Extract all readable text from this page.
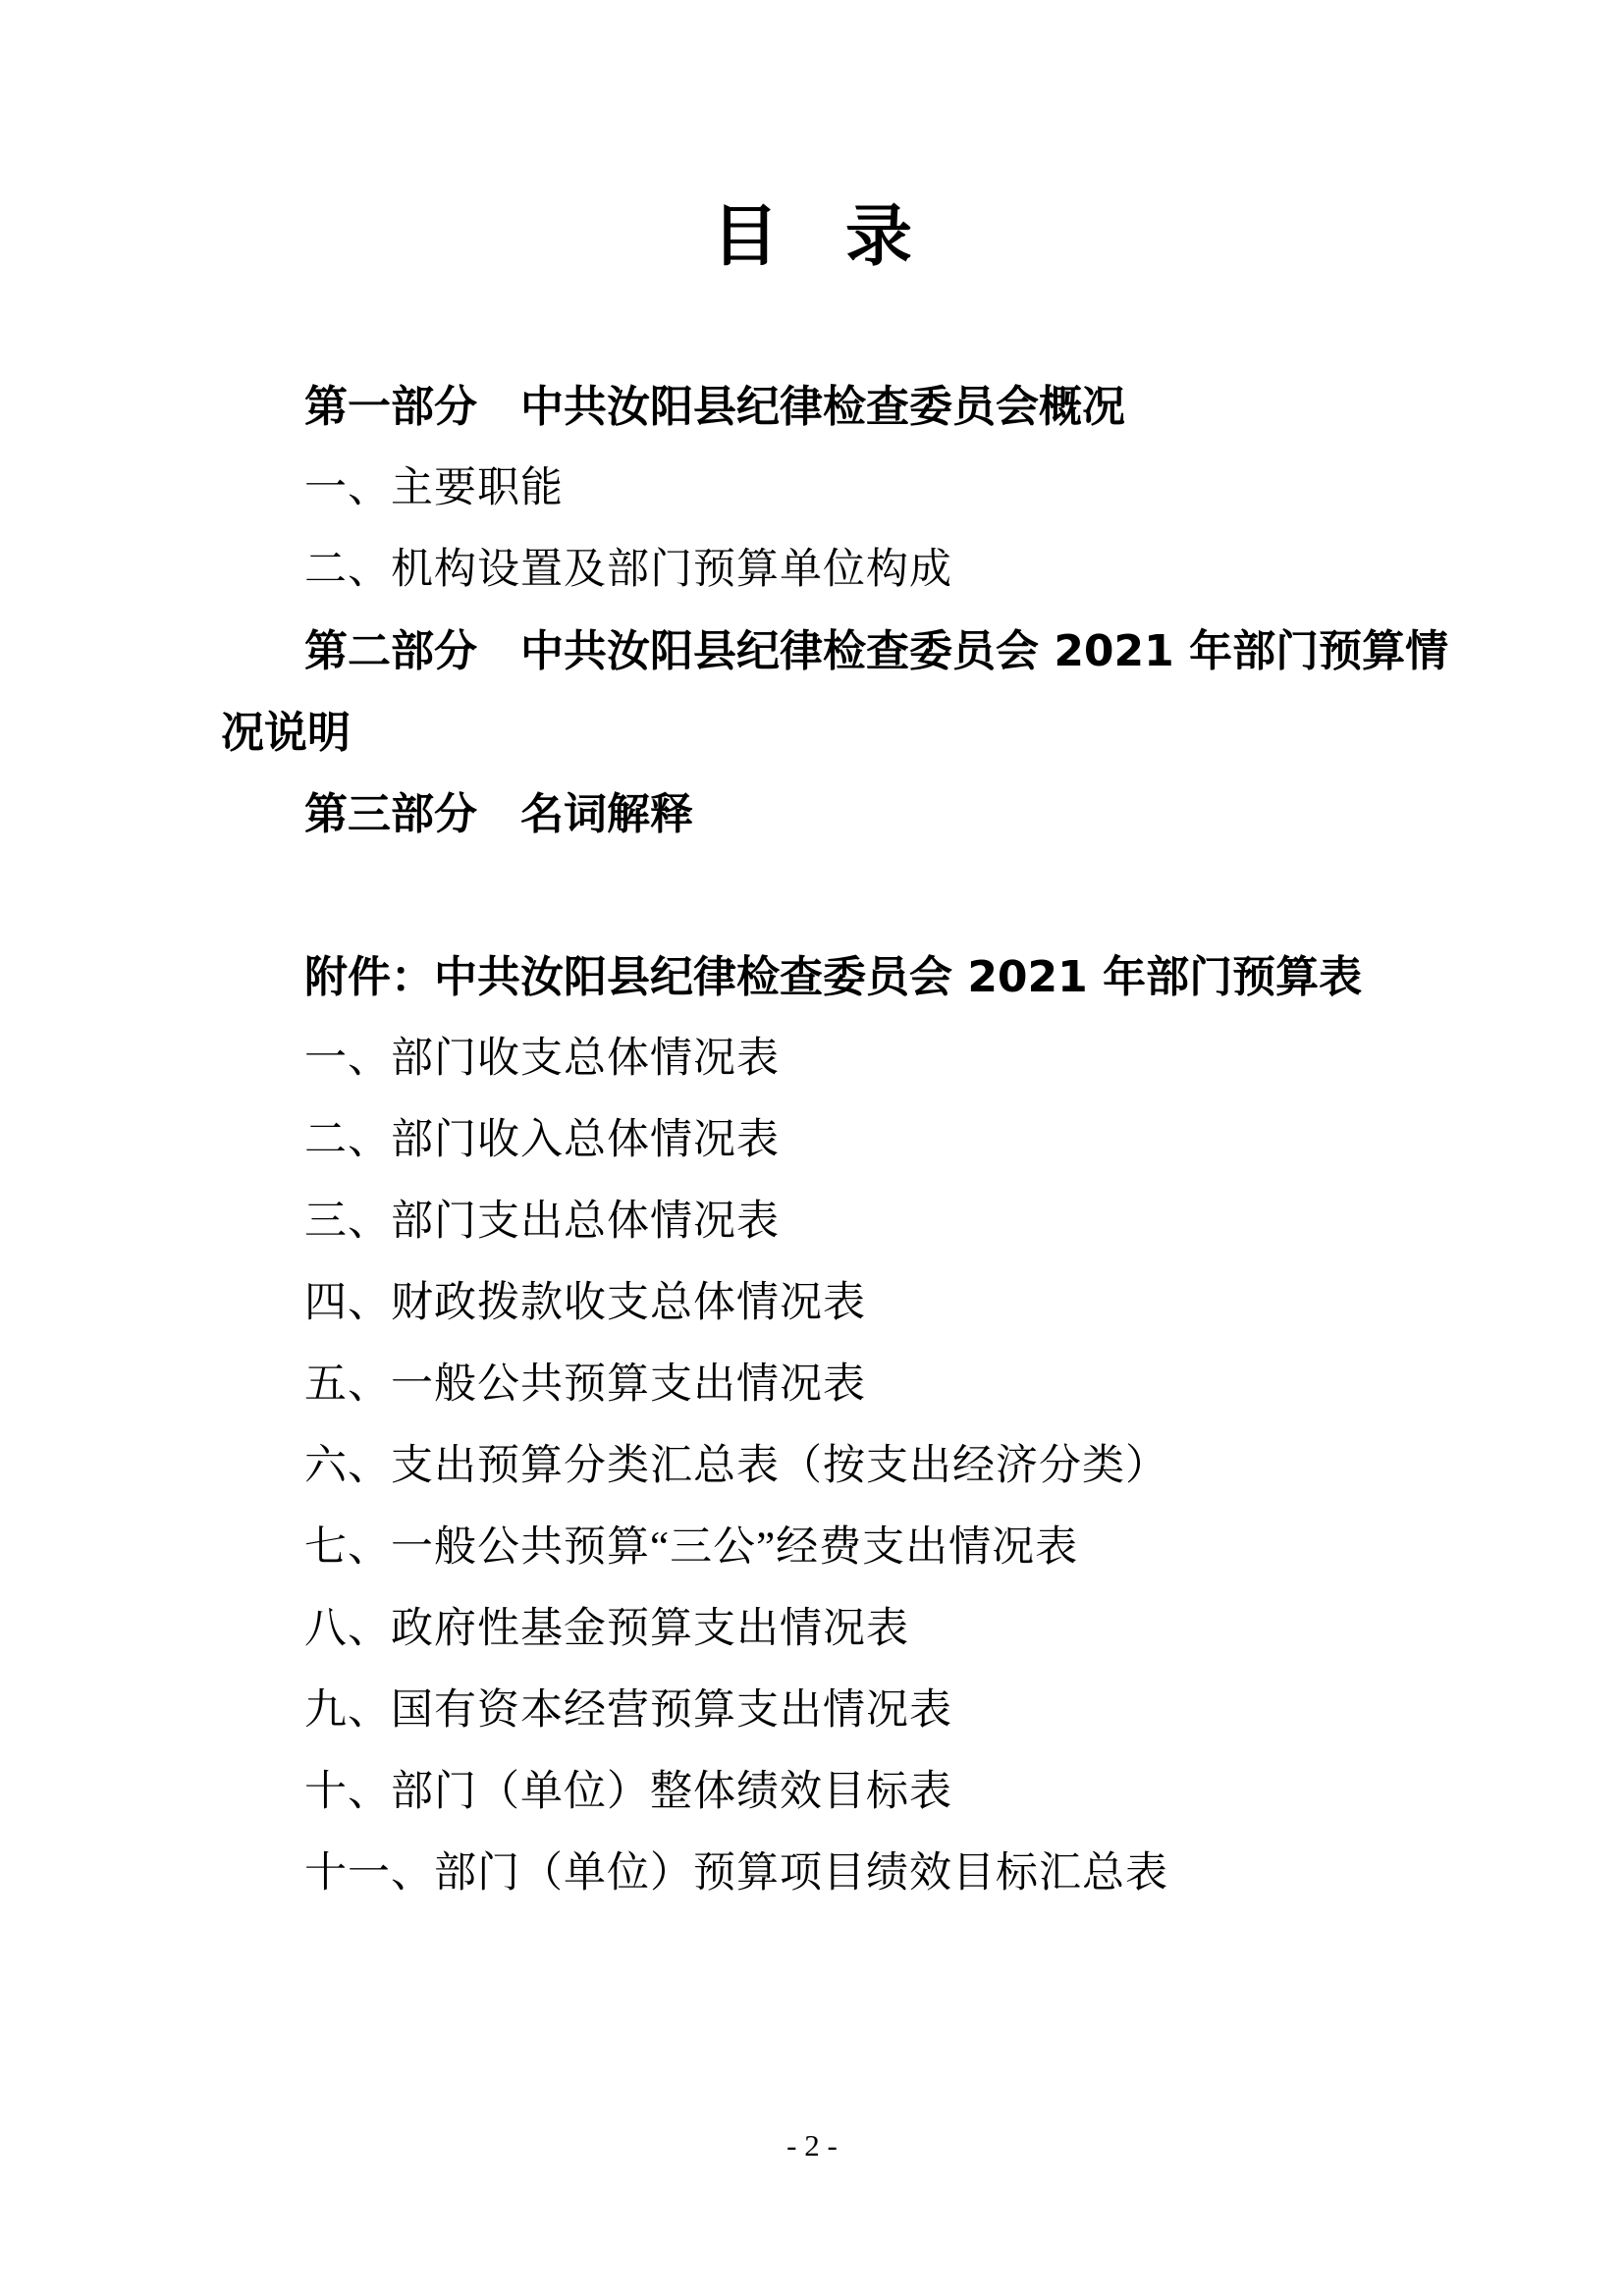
目　录
第一部分　中共汝阳县纪律检查委员会概况
一、主要职能
二、机构设置及部门预算单位构成
第二部分　中共汝阳县纪律检查委员会 2021 年部门预算情
况说明
第三部分　名词解释
附件：中共汝阳县纪律检查委员会 2021 年部门预算表
一、部门收支总体情况表
二、部门收入总体情况表
三、部门支出总体情况表
四、财政拨款收支总体情况表
五、一般公共预算支出情况表
六、支出预算分类汇总表（按支出经济分类）
七、一般公共预算“三公”经费支出情况表
八、政府性基金预算支出情况表
九、国有资本经营预算支出情况表
十、部门（单位）整体绩效目标表
十一、部门（单位）预算项目绩效目标汇总表
- 2 -
